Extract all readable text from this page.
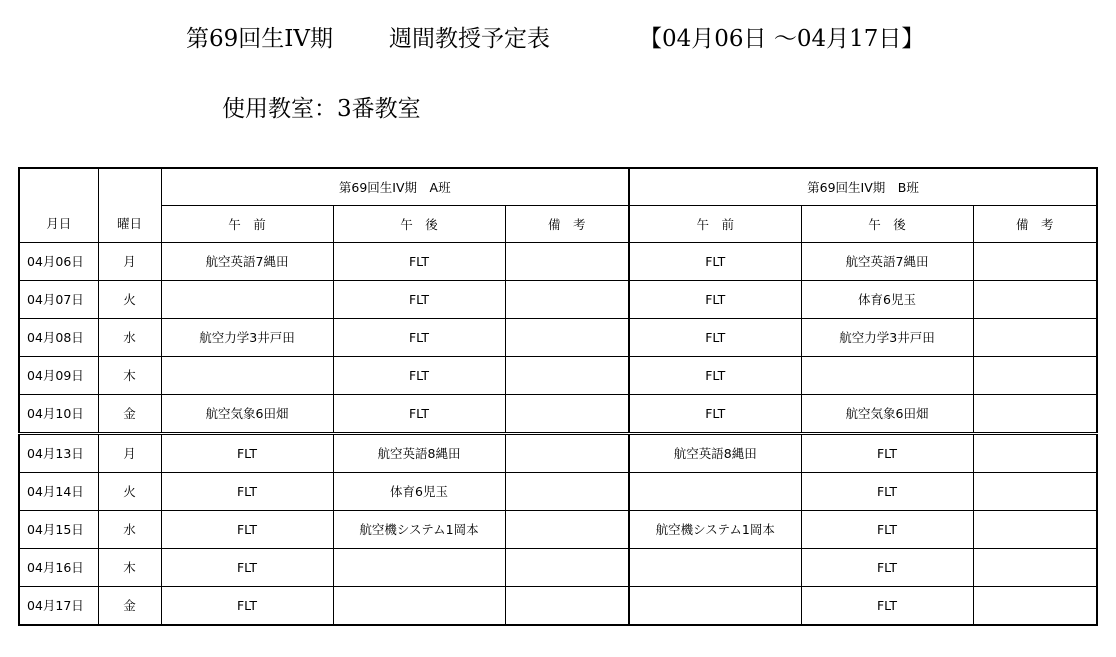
第69回生IV期 週間教授予定表	【04月06日 ～04月17日】
使用教室：3番教室
月日	曜日	第69回生IV期　A班			第69回生IV期　B班		
		午　前	午　後	備　考	午　前	午　後	備　考
04月06日	月	航空英語7縄田	FLT		FLT	航空英語7縄田	
04月07日	火		FLT		FLT	体育6児玉	
04月08日	水	航空力学3井戸田	FLT		FLT	航空力学3井戸田	
04月09日	木		FLT		FLT		
04月10日	金	航空気象6田畑	FLT		FLT	航空気象6田畑	
04月13日	月	FLT	航空英語8縄田		航空英語8縄田	FLT	
04月14日	火	FLT	体育6児玉			FLT	
04月15日	水	FLT	航空機システム1岡本		航空機システム1岡本	FLT	
04月16日	木	FLT				FLT	
04月17日	金	FLT				FLT	
